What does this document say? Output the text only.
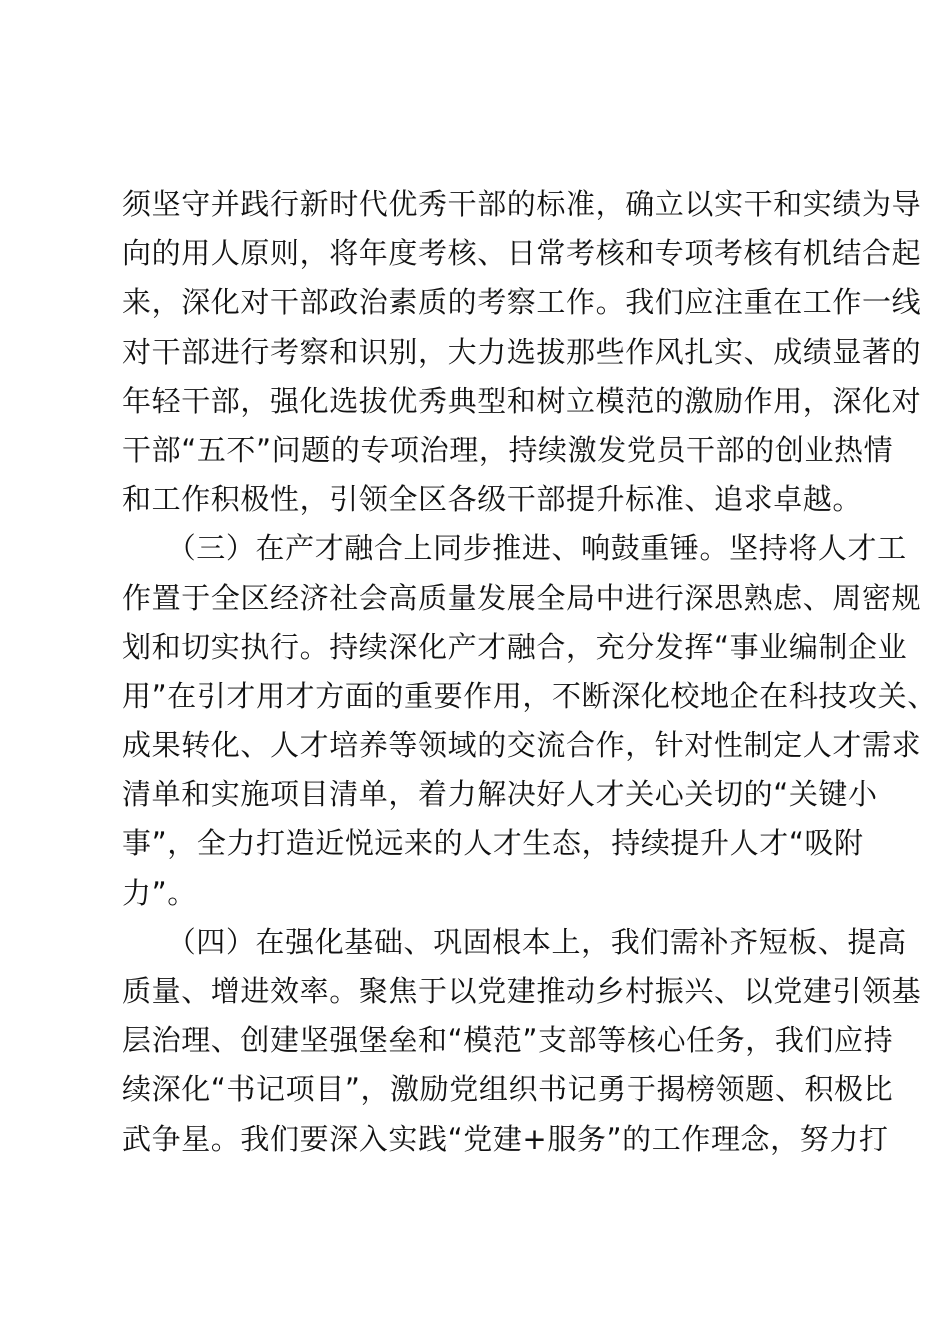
须坚守并践行新时代优秀干部的标准，确立以实干和实绩为导
向的用人原则，将年度考核、日常考核和专项考核有机结合起
来，深化对干部政治素质的考察工作。我们应注重在工作一线
对干部进行考察和识别，大力选拔那些作风扎实、成绩显著的
年轻干部，强化选拔优秀典型和树立模范的激励作用，深化对
干部“五不”问题的专项治理，持续激发党员干部的创业热情
和工作积极性，引领全区各级干部提升标准、追求卓越。
　　（三）在产才融合上同步推进、响鼓重锤。坚持将人才工
作置于全区经济社会高质量发展全局中进行深思熟虑、周密规
划和切实执行。持续深化产才融合，充分发挥“事业编制企业
用”在引才用才方面的重要作用，不断深化校地企在科技攻关、
成果转化、人才培养等领域的交流合作，针对性制定人才需求
清单和实施项目清单，着力解决好人才关心关切的“关键小
事”，全力打造近悦远来的人才生态，持续提升人才“吸附
力”。
　　（四）在强化基础、巩固根本上，我们需补齐短板、提高
质量、增进效率。聚焦于以党建推动乡村振兴、以党建引领基
层治理、创建坚强堡垒和“模范”支部等核心任务，我们应持
续深化“书记项目”，激励党组织书记勇于揭榜领题、积极比
武争星。我们要深入实践“党建+服务”的工作理念，努力打
